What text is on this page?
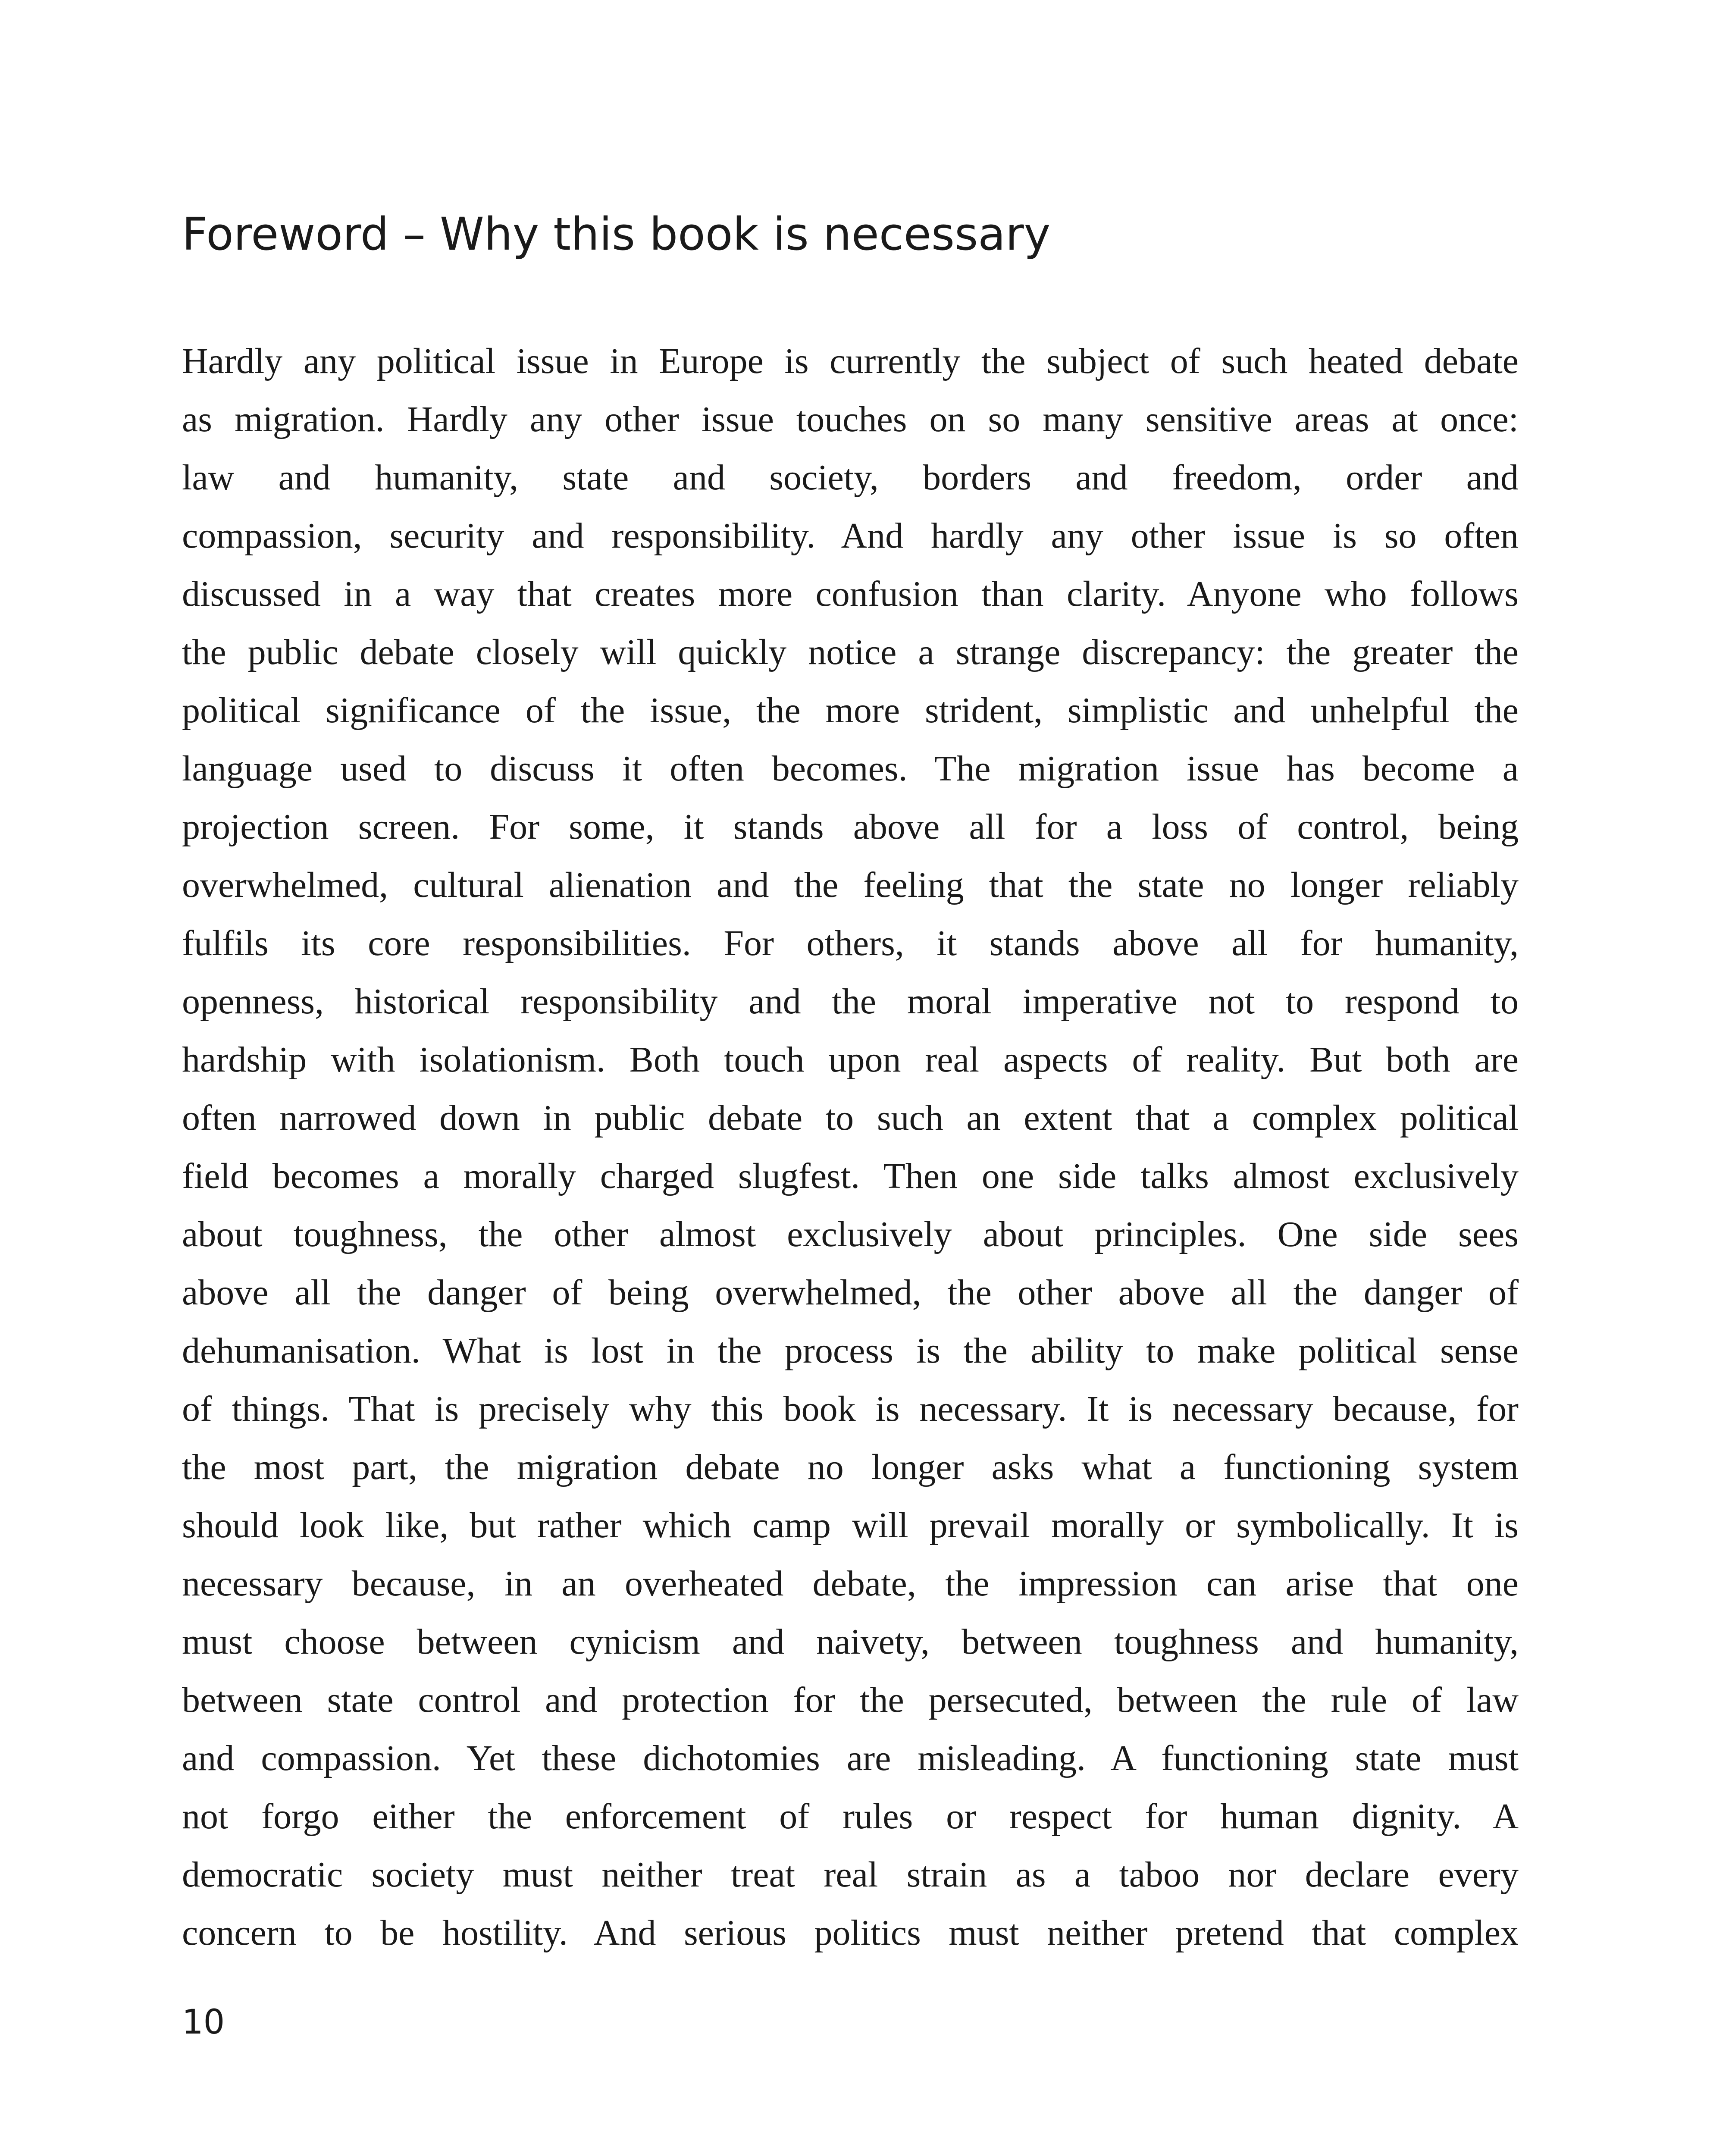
Foreword – Why this book is necessary
Hardly any political issue in Europe is currently the subject of such heated debate
as migration. Hardly any other issue touches on so many sensitive areas at once:
law and humanity, state and society, borders and freedom, order and
compassion, security and responsibility. And hardly any other issue is so often
discussed in a way that creates more confusion than clarity. Anyone who follows
the public debate closely will quickly notice a strange discrepancy: the greater the
political significance of the issue, the more strident, simplistic and unhelpful the
language used to discuss it often becomes. The migration issue has become a
projection screen. For some, it stands above all for a loss of control, being
overwhelmed, cultural alienation and the feeling that the state no longer reliably
fulfils its core responsibilities. For others, it stands above all for humanity,
openness, historical responsibility and the moral imperative not to respond to
hardship with isolationism. Both touch upon real aspects of reality. But both are
often narrowed down in public debate to such an extent that a complex political
field becomes a morally charged slugfest. Then one side talks almost exclusively
about toughness, the other almost exclusively about principles. One side sees
above all the danger of being overwhelmed, the other above all the danger of
dehumanisation. What is lost in the process is the ability to make political sense
of things. That is precisely why this book is necessary. It is necessary because, for
the most part, the migration debate no longer asks what a functioning system
should look like, but rather which camp will prevail morally or symbolically. It is
necessary because, in an overheated debate, the impression can arise that one
must choose between cynicism and naivety, between toughness and humanity,
between state control and protection for the persecuted, between the rule of law
and compassion. Yet these dichotomies are misleading. A functioning state must
not forgo either the enforcement of rules or respect for human dignity. A
democratic society must neither treat real strain as a taboo nor declare every
concern to be hostility. And serious politics must neither pretend that complex
10
